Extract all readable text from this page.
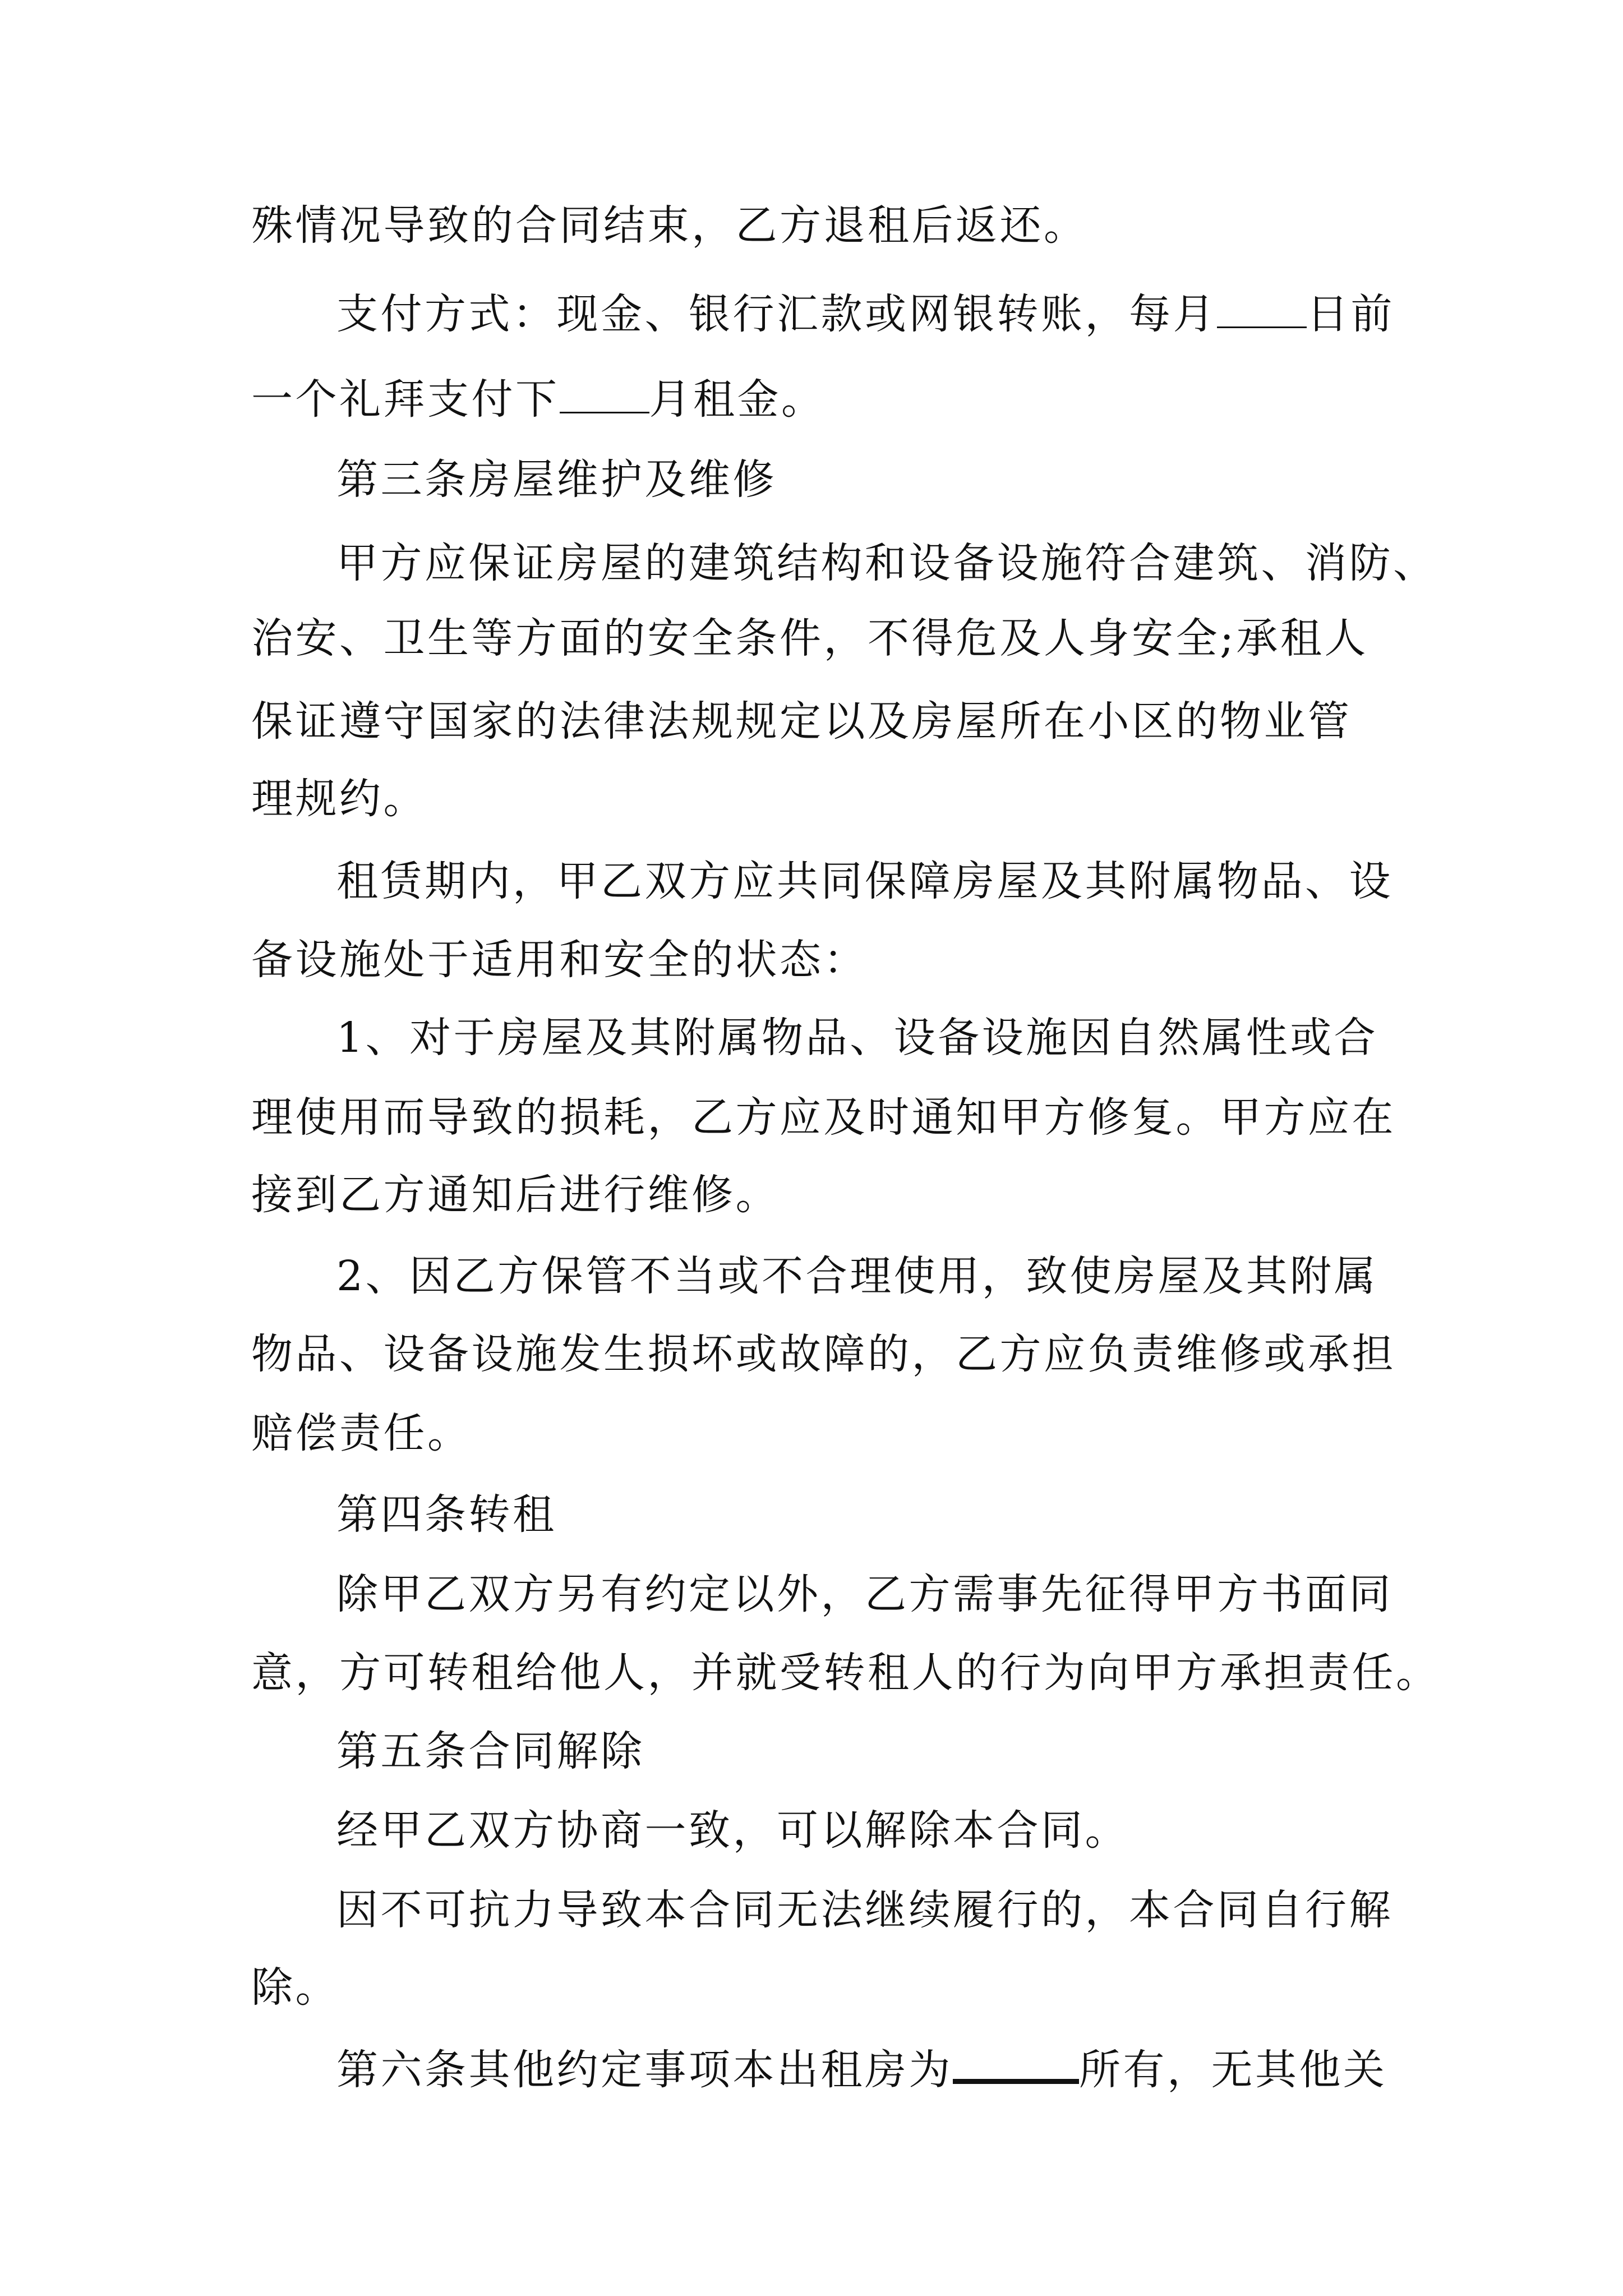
殊情况导致的合同结束，乙方退租后返还。
支付方式：现金、银行汇款或网银转账，每月 日前
一个礼拜支付下 月租金。
第三条房屋维护及维修
甲方应保证房屋的建筑结构和设备设施符合建筑、消防、
治安、卫生等方面的安全条件，不得危及人身安全;承租人
保证遵守国家的法律法规规定以及房屋所在小区的物业管
理规约。
租赁期内，甲乙双方应共同保障房屋及其附属物品、设
备设施处于适用和安全的状态：
1、对于房屋及其附属物品、设备设施因自然属性或合
理使用而导致的损耗，乙方应及时通知甲方修复。甲方应在
接到乙方通知后进行维修。
2、因乙方保管不当或不合理使用，致使房屋及其附属
物品、设备设施发生损坏或故障的，乙方应负责维修或承担
赔偿责任。
第四条转租
除甲乙双方另有约定以外，乙方需事先征得甲方书面同
意，方可转租给他人，并就受转租人的行为向甲方承担责任。
第五条合同解除
经甲乙双方协商一致，可以解除本合同。
因不可抗力导致本合同无法继续履行的，本合同自行解
除。
第六条其他约定事项本出租房为	所有，无其他关
